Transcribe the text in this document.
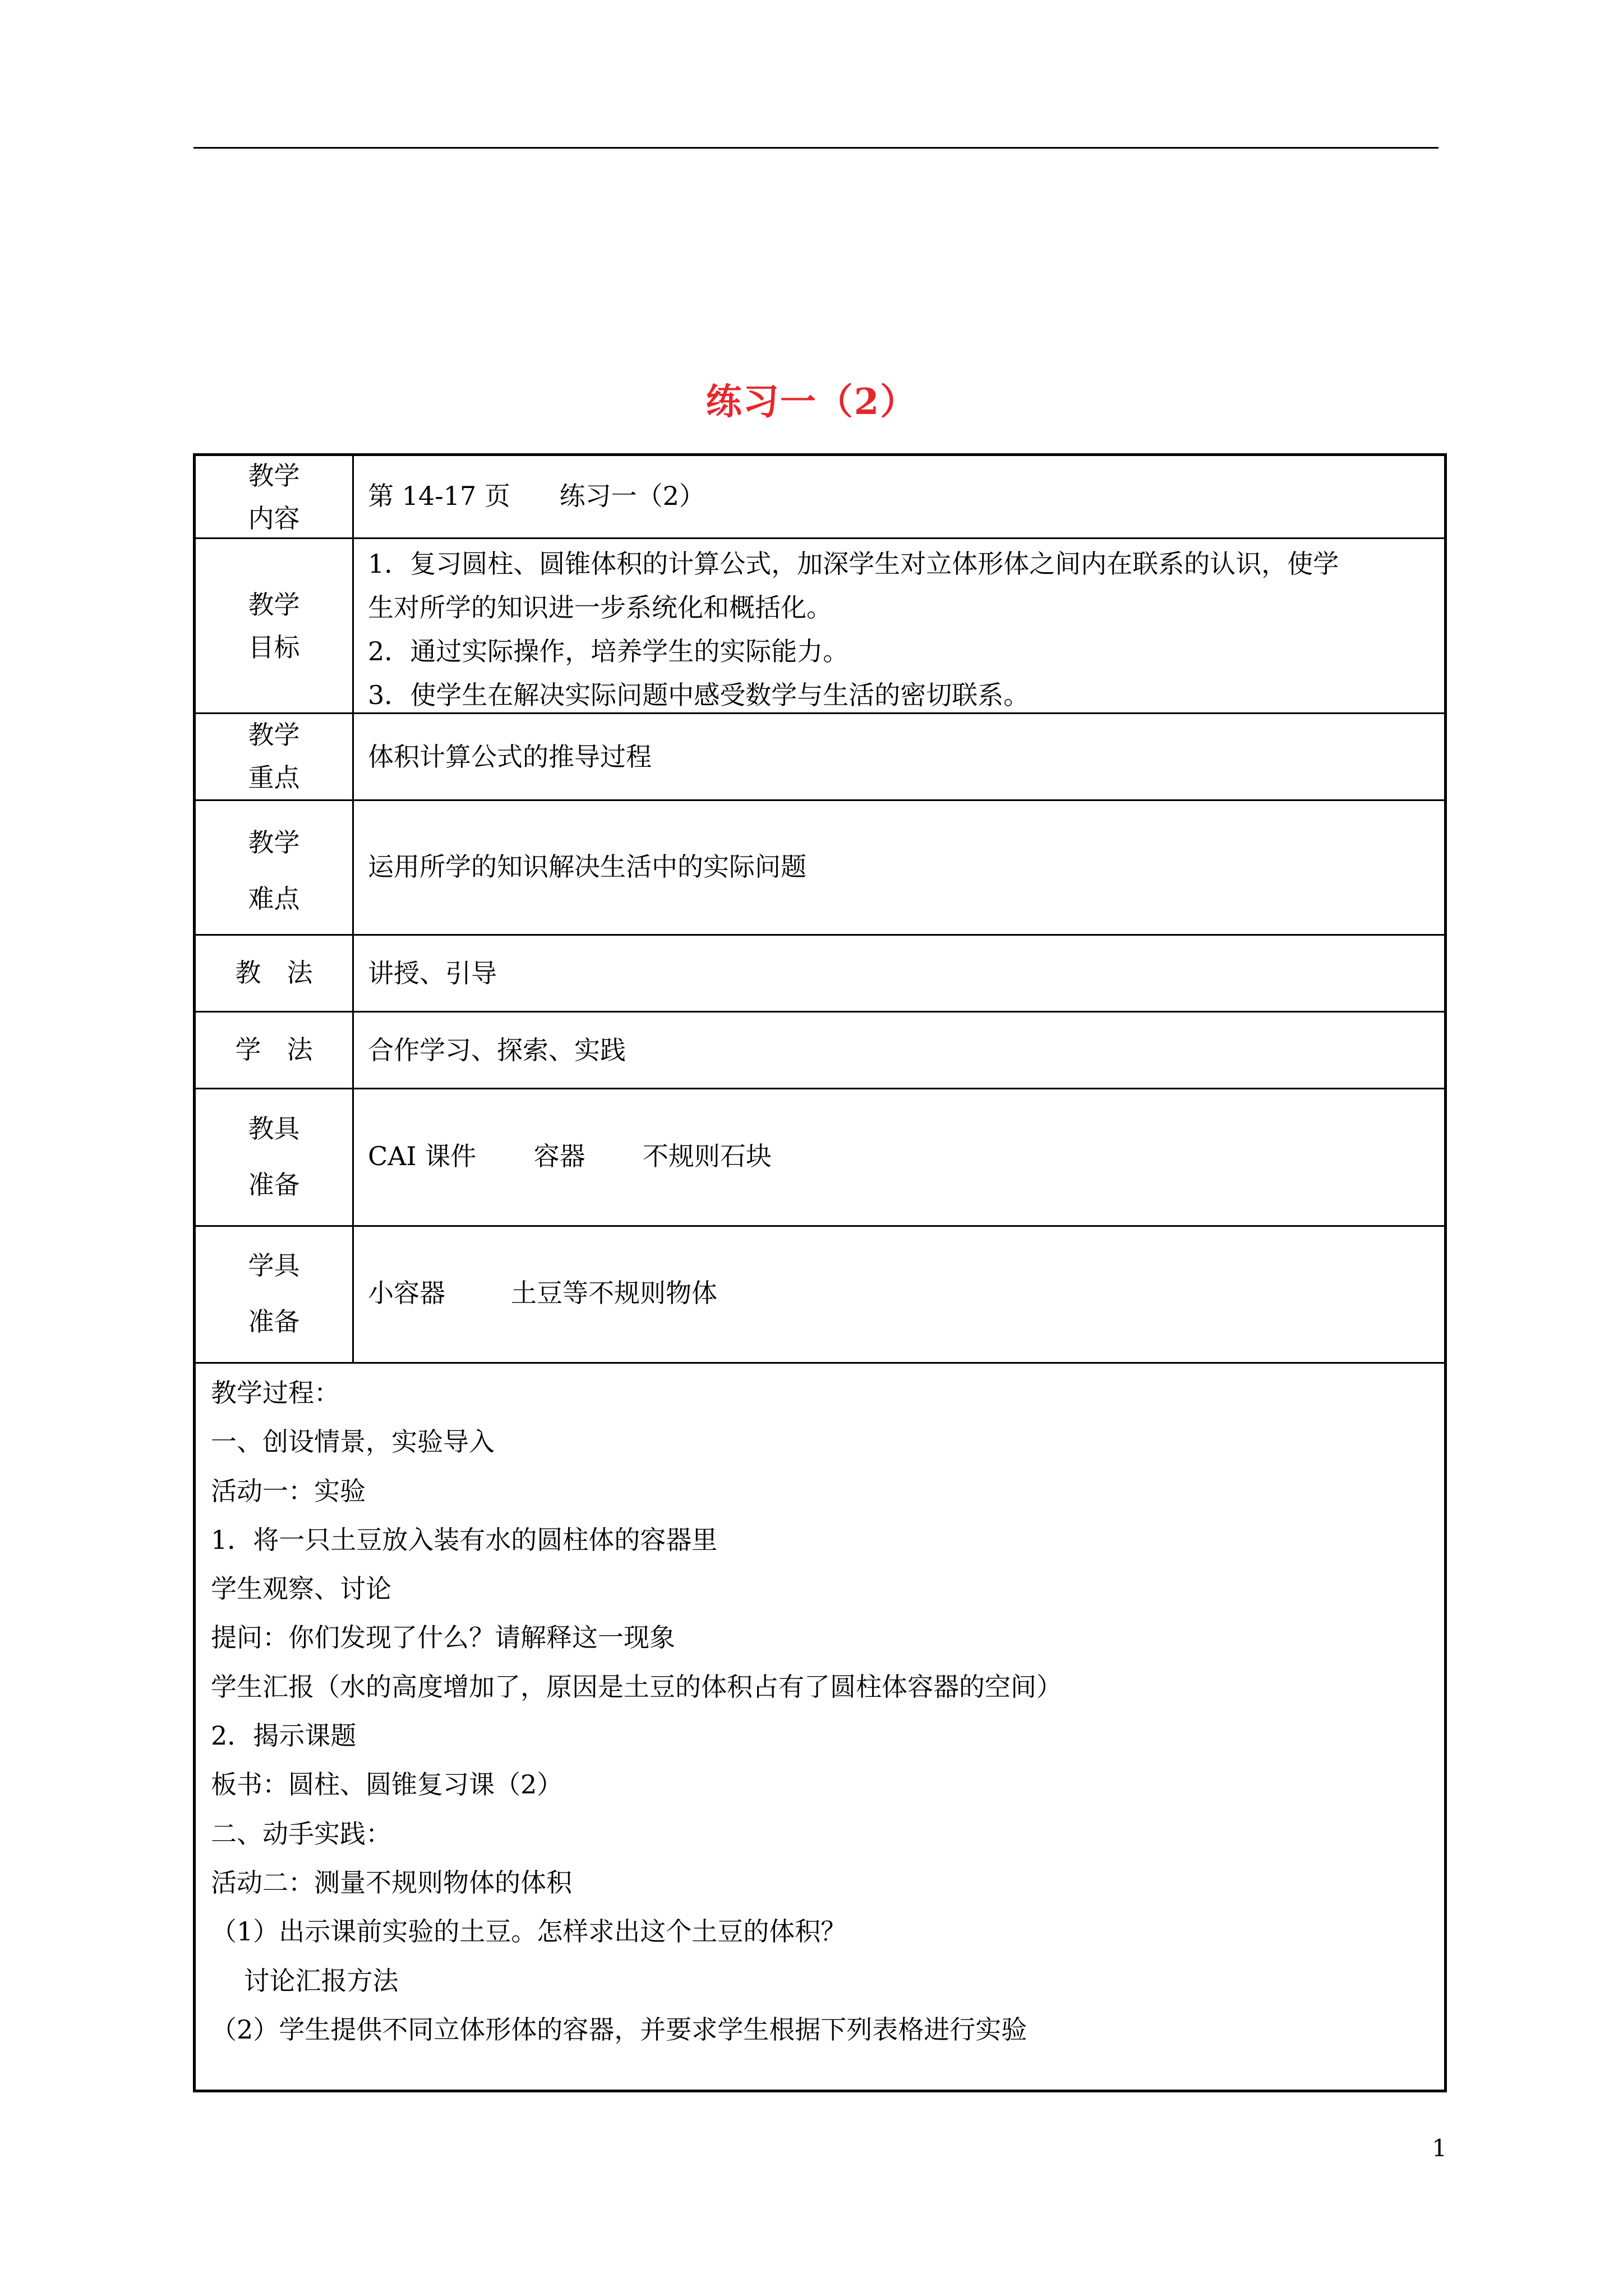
练习一（2）
教学
内容

第 14-17 页      练习一（2）

教学
目标

1．复习圆柱、圆锥体积的计算公式，加深学生对立体形体之间内在联系的认识，使学

生对所学的知识进一步系统化和概括化。

2．通过实际操作，培养学生的实际能力。

3．使学生在解决实际问题中感受数学与生活的密切联系。

教学
重点

体积计算公式的推导过程

教学
难点

运用所学的知识解决生活中的实际问题

教　法	讲授、引导

学　法	合作学习、探索、实践

教具
准备

CAI 课件       容器       不规则石块

学具
准备

小容器        土豆等不规则物体

教学过程：

一、创设情景，实验导入

活动一：实验

1．将一只土豆放入装有水的圆柱体的容器里

学生观察、讨论

提问：你们发现了什么？请解释这一现象

学生汇报（水的高度增加了，原因是土豆的体积占有了圆柱体容器的空间）

2．揭示课题

板书：圆柱、圆锥复习课（2）

二、动手实践：

活动二：测量不规则物体的体积

（1）出示课前实验的土豆。怎样求出这个土豆的体积？

讨论汇报方法

（2）学生提供不同立体形体的容器，并要求学生根据下列表格进行实验

1
